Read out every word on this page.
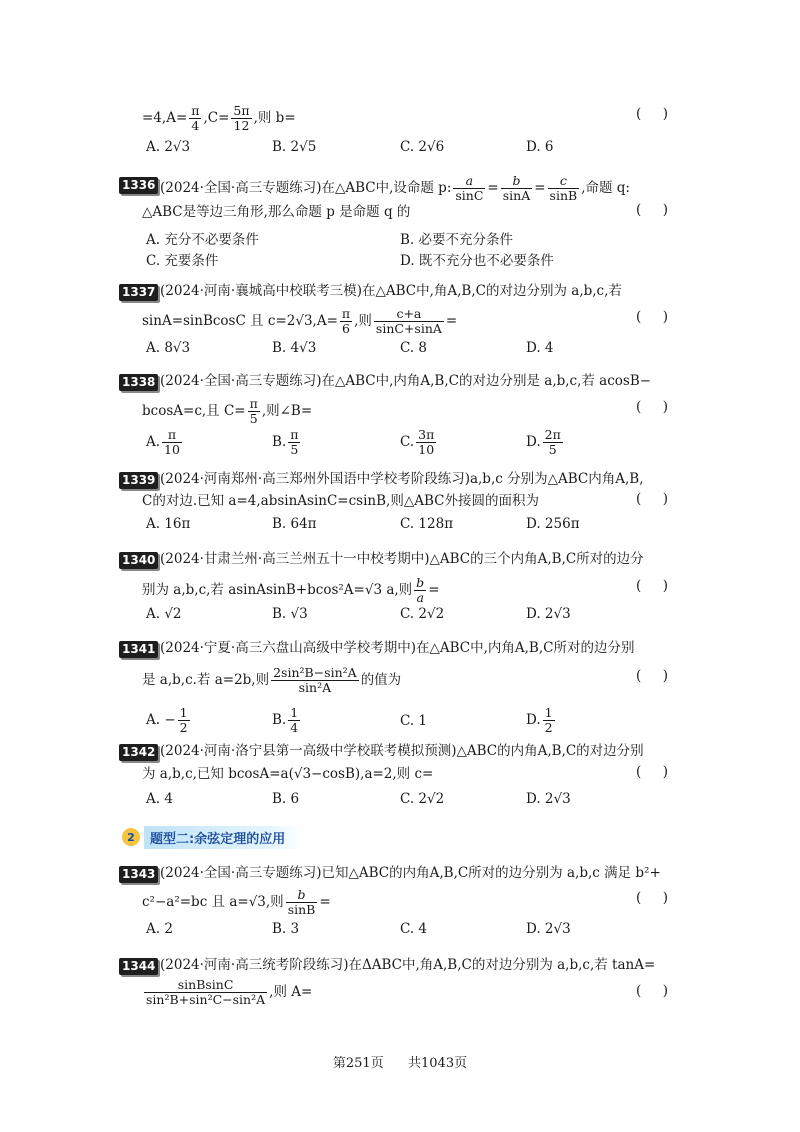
$=4,A= \frac{\pi}{4} ,C= \frac{5\pi}{12}$ ,则 b=	(     )
A. 2√3	B. 2√5	C. 2√6	D. 6
1336 (2024·全国·高三专题练习)在△ABC中,设命题 p: $\frac{a}{\sin C} = \frac{b}{\sin A} = \frac{c}{\sin B}$ ,命题 q:
△ABC是等边三角形,那么命题 p 是命题 q 的	(     )
A. 充分不必要条件	B. 必要不充分条件
C. 充要条件	D. 既不充分也不必要条件
1337 (2024·河南·襄城高中校联考三模)在△ABC中,角A,B,C的对边分别为 a,b,c,若
sinA=sinBcosC 且 $c=2√3,A= \frac{\pi}{6}$ ,则 $\frac{c+a}{\sin C+\sin A}$ =	(     )
A. 8√3	B. 4√3	C. 8	D. 4
1338 (2024·全国·高三专题练习)在△ABC中,内角A,B,C的对边分别是 a,b,c,若 acosB−
bcosA=c,且 $C= \frac{\pi}{5}$ ,则∠B=	(     )
A. $\frac{\pi}{10}$	B. $\frac{\pi}{5}$	C. $\frac{3\pi}{10}$	D. $\frac{2\pi}{5}$
1339 (2024·河南郑州·高三郑州外国语中学校考阶段练习)a,b,c 分别为△ABC内角A,B,
C的对边.已知 a=4,absinAsinC=csinB,则△ABC外接圆的面积为	(     )
A. 16π	B. 64π	C. 128π	D. 256π
1340 (2024·甘肃兰州·高三兰州五十一中校考期中)△ABC的三个内角A,B,C所对的边分
别为 a,b,c,若 asinAsinB+bcos²A=√3 a,则 $\frac{b}{a}$ =	(     )
A. √2	B. √3	C. 2√2	D. 2√3
1341 (2024·宁夏·高三六盘山高级中学校考期中)在△ABC中,内角A,B,C所对的边分别
是 a,b,c.若 a=2b,则 $\frac{\text{2sin²B−sin²A}}{\text{sin²A}}$ 的值为	(     )
A. − $\frac{1}{2}$	B. $\frac{1}{4}$	C. 1	D. $\frac{1}{2}$
1342 (2024·河南·洛宁县第一高级中学校联考模拟预测)△ABC的内角A,B,C的对边分别
为 a,b,c,已知 bcosA=a(√3−cosB),a=2,则 c=	(     )
A. 4	B. 6	C. 2√2	D. 2√3
2	题型二:余弦定理的应用
1343 (2024·全国·高三专题练习)已知△ABC的内角A,B,C所对的边分别为 a,b,c 满足 b²+
c²−a²=bc 且 a=√3,则 $\frac{b}{\sin B}$ =	(     )
A. 2	B. 3	C. 4	D. 2√3
1344 (2024·河南·高三统考阶段练习)在ΔABC中,角A,B,C的对边分别为 a,b,c,若 tanA=
$\frac{\text{sinBsinC}}{\text{sin²B+sin²C−sin²A}}$ ,则 A=	(     )
第251页 共1043页
